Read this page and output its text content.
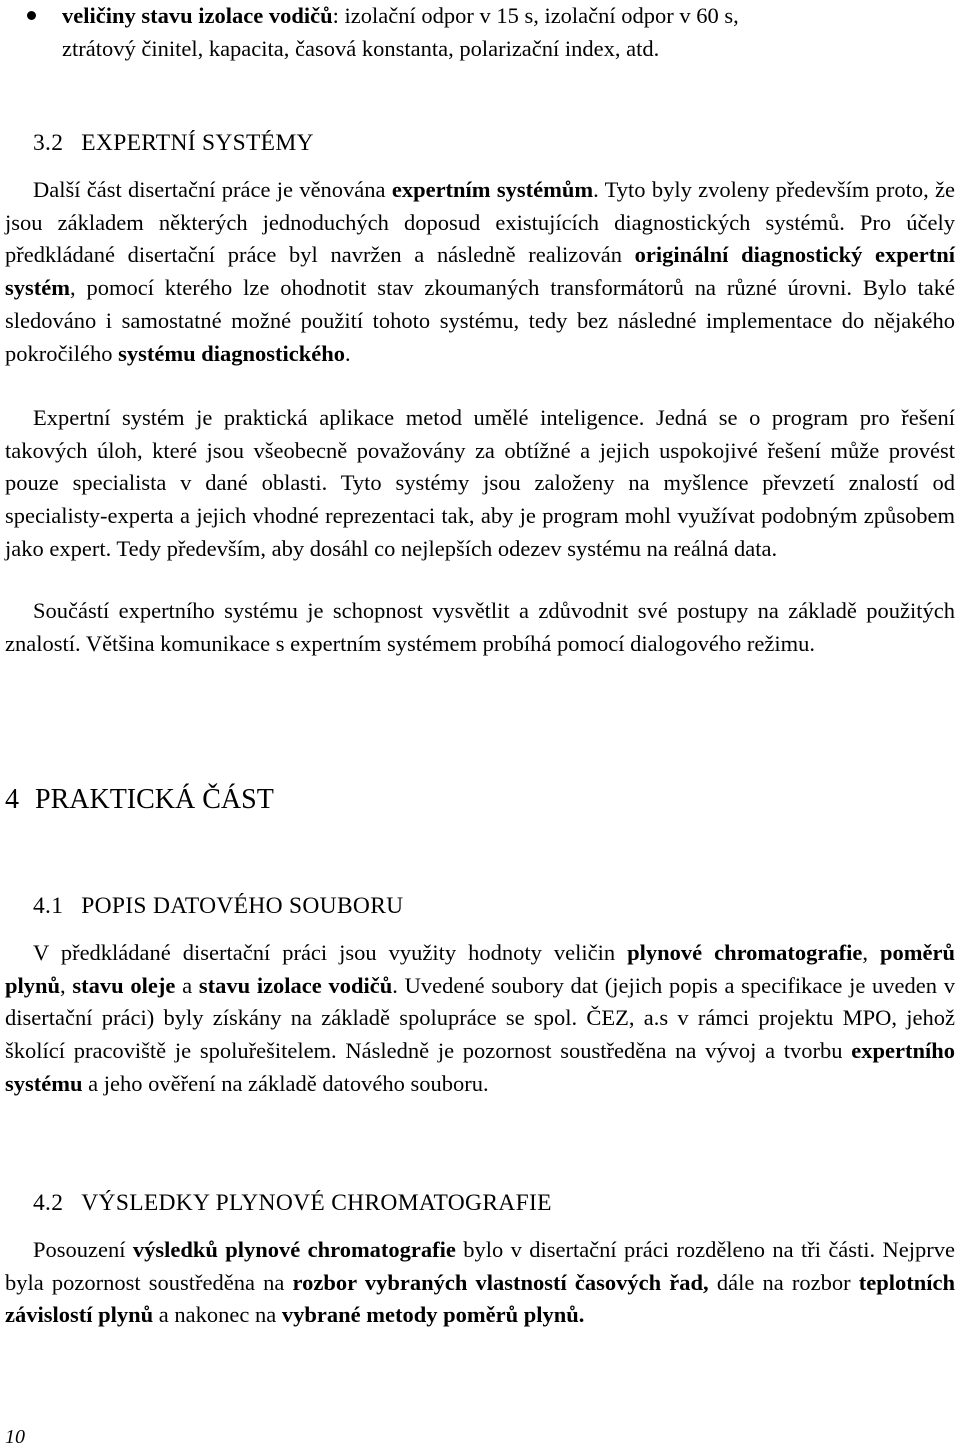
veličiny stavu izolace vodičů: izolační odpor v 15 s, izolační odpor v 60 s,
ztrátový činitel, kapacita, časová konstanta, polarizační index, atd.

3.2 EXPERTNÍ SYSTÉMY

Další část disertační práce je věnována expertním systémům. Tyto byly zvoleny především proto, že jsou základem některých jednoduchých doposud existujících diagnostických systémů. Pro účely předkládané disertační práce byl navržen a následně realizován originální diagnostický expertní systém, pomocí kterého lze ohodnotit stav zkoumaných transformátorů na různé úrovni. Bylo také sledováno i samostatné možné použití tohoto systému, tedy bez následné implementace do nějakého pokročilého systému diagnostického.

Expertní systém je praktická aplikace metod umělé inteligence. Jedná se o program pro řešení takových úloh, které jsou všeobecně považovány za obtížné a jejich uspokojivé řešení může provést pouze specialista v dané oblasti. Tyto systémy jsou založeny na myšlence převzetí znalostí od specialisty-experta a jejich vhodné reprezentaci tak, aby je program mohl využívat podobným způsobem jako expert. Tedy především, aby dosáhl co nejlepších odezev systému na reálná data.

Součástí expertního systému je schopnost vysvětlit a zdůvodnit své postupy na základě použitých znalostí. Většina komunikace s expertním systémem probíhá pomocí dialogového režimu.

4 PRAKTICKÁ ČÁST
4.1 POPIS DATOVÉHO SOUBORU

V předkládané disertační práci jsou využity hodnoty veličin plynové chromatografie, poměrů plynů, stavu oleje a stavu izolace vodičů. Uvedené soubory dat (jejich popis a specifikace je uveden v disertační práci) byly získány na základě spolupráce se spol. ČEZ, a.s v rámci projektu MPO, jehož školící pracoviště je spoluřešitelem. Následně je pozornost soustředěna na vývoj a tvorbu expertního systému a jeho ověření na základě datového souboru.

4.2 VÝSLEDKY PLYNOVÉ CHROMATOGRAFIE

Posouzení výsledků plynové chromatografie bylo v disertační práci rozděleno na tři části. Nejprve byla pozornost soustředěna na rozbor vybraných vlastností časových řad, dále na rozbor teplotních závislostí plynů a nakonec na vybrané metody poměrů plynů.

10
